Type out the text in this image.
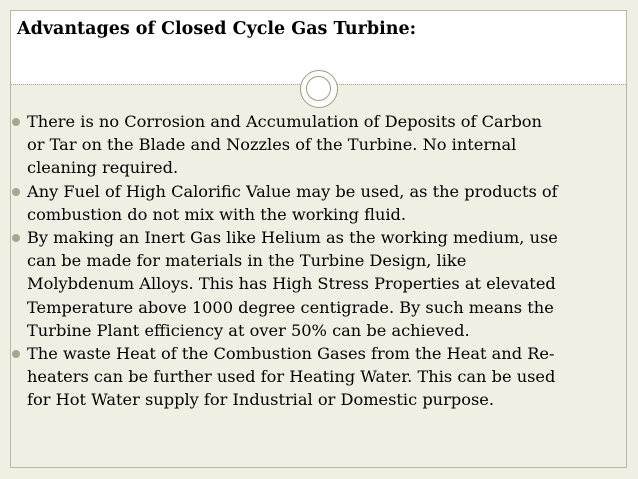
Advantages of Closed Cycle Gas Turbine:
There is no Corrosion and Accumulation of Deposits of Carbon
or Tar on the Blade and Nozzles of the Turbine. No internal
cleaning required.
Any Fuel of High Calorific Value may be used, as the products of
combustion do not mix with the working fluid.
By making an Inert Gas like Helium as the working medium, use
can be made for materials in the Turbine Design, like
Molybdenum Alloys. This has High Stress Properties at elevated
Temperature above 1000 degree centigrade. By such means the
Turbine Plant efficiency at over 50% can be achieved.
The waste Heat of the Combustion Gases from the Heat and Re-
heaters can be further used for Heating Water. This can be used
for Hot Water supply for Industrial or Domestic purpose.
